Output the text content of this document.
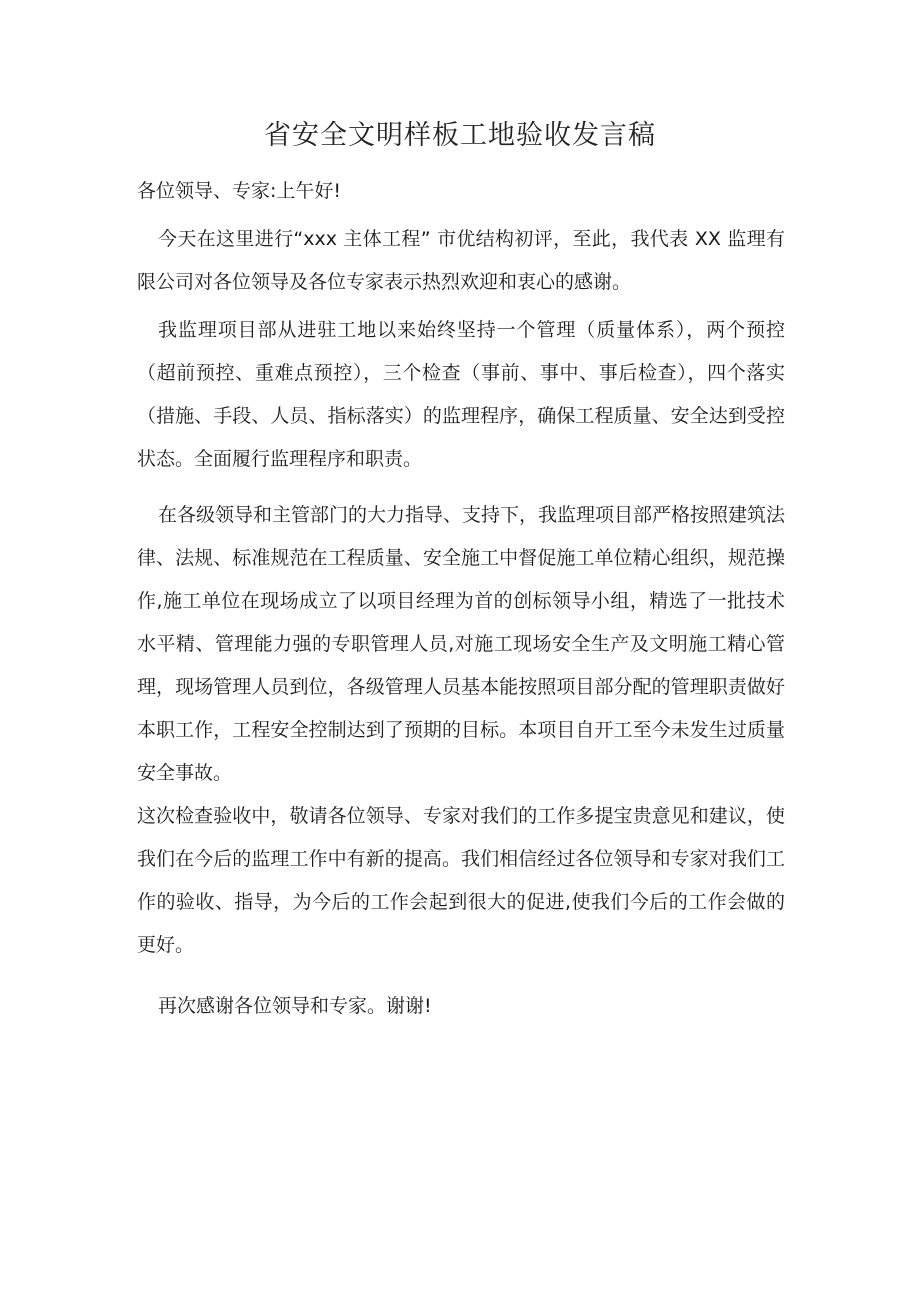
省安全文明样板工地验收发言稿

各位领导、专家:上午好!

今天在这里进行“xxx 主体工程” 市优结构初评，至此，我代表 XX 监理有限公司对各位领导及各位专家表示热烈欢迎和衷心的感谢。

我监理项目部从进驻工地以来始终坚持一个管理（质量体系），两个预控（超前预控、重难点预控），三个检查（事前、事中、事后检查），四个落实（措施、手段、人员、指标落实）的监理程序，确保工程质量、安全达到受控状态。全面履行监理程序和职责。

在各级领导和主管部门的大力指导、支持下，我监理项目部严格按照建筑法律、法规、标准规范在工程质量、安全施工中督促施工单位精心组织，规范操作,施工单位在现场成立了以项目经理为首的创标领导小组，精选了一批技术水平精、管理能力强的专职管理人员,对施工现场安全生产及文明施工精心管理，现场管理人员到位，各级管理人员基本能按照项目部分配的管理职责做好本职工作，工程安全控制达到了预期的目标。本项目自开工至今未发生过质量安全事故。

这次检查验收中，敬请各位领导、专家对我们的工作多提宝贵意见和建议，使我们在今后的监理工作中有新的提高。我们相信经过各位领导和专家对我们工作的验收、指导，为今后的工作会起到很大的促进,使我们今后的工作会做的更好。

再次感谢各位领导和专家。谢谢!
